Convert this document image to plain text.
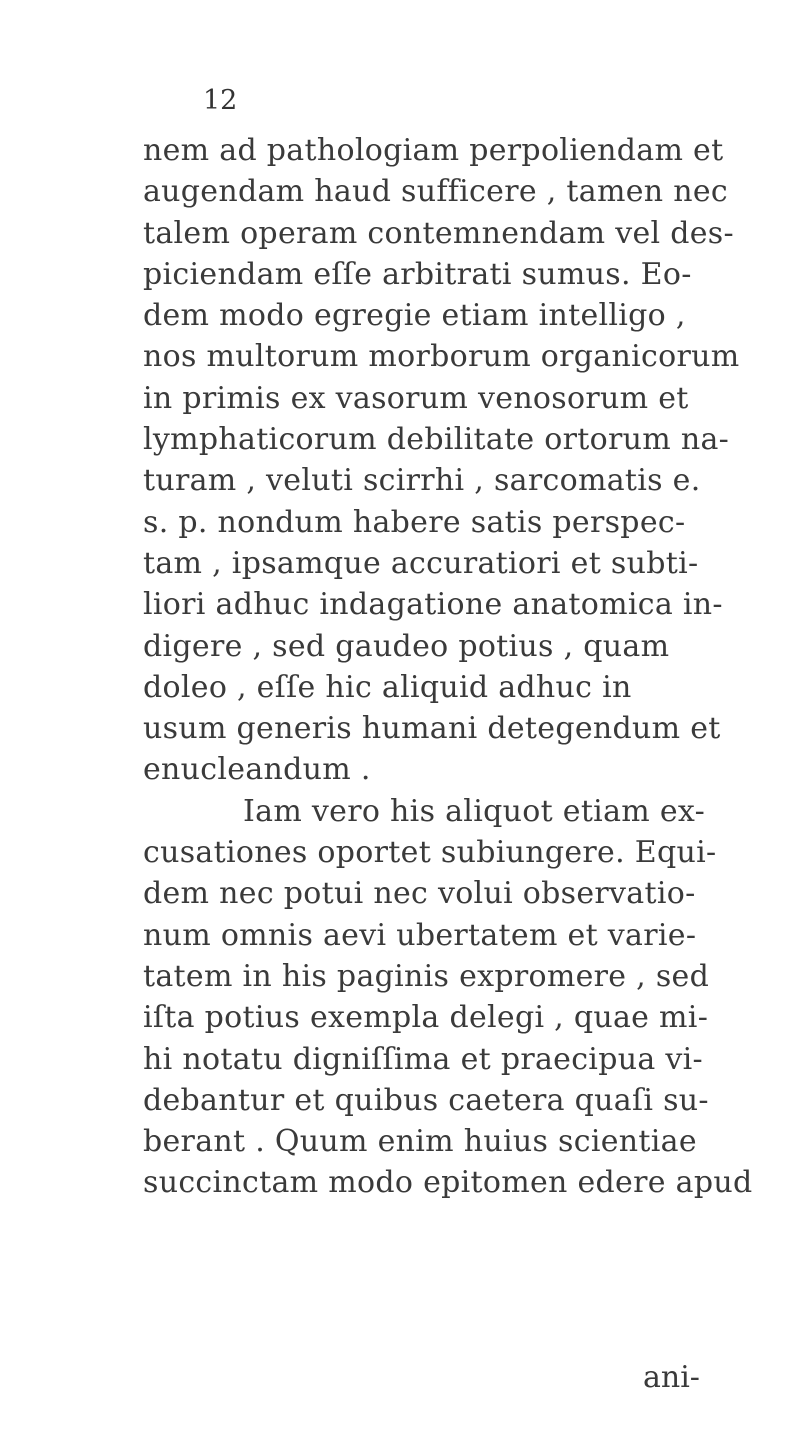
12
nem ad pathologiam perpoliendam et
augendam haud sufficere , tamen nec
talem operam contemnendam vel des-
piciendam eſſe arbitrati sumus. Eo-
dem modo egregie etiam intelligo ,
nos multorum morborum organicorum
in primis ex vasorum venosorum et
lymphaticorum debilitate ortorum na-
turam , veluti scirrhi , sarcomatis e.
s. p. nondum habere satis perspec-
tam , ipsamque accuratiori et subti-
liori adhuc indagatione anatomica in-
digere , sed gaudeo potius , quam
doleo , eſſe hic aliquid adhuc in
usum generis humani detegendum et
enucleandum .
Iam vero his aliquot etiam ex-
cusationes oportet subiungere. Equi-
dem nec potui nec volui observatio-
num omnis aevi ubertatem et varie-
tatem in his paginis expromere , sed
iſta potius exempla delegi , quae mi-
hi notatu digniſſima et praecipua vi-
debantur et quibus caetera quaſi su-
berant . Quum enim huius scientiae
succinctam modo epitomen edere apud
ani-
